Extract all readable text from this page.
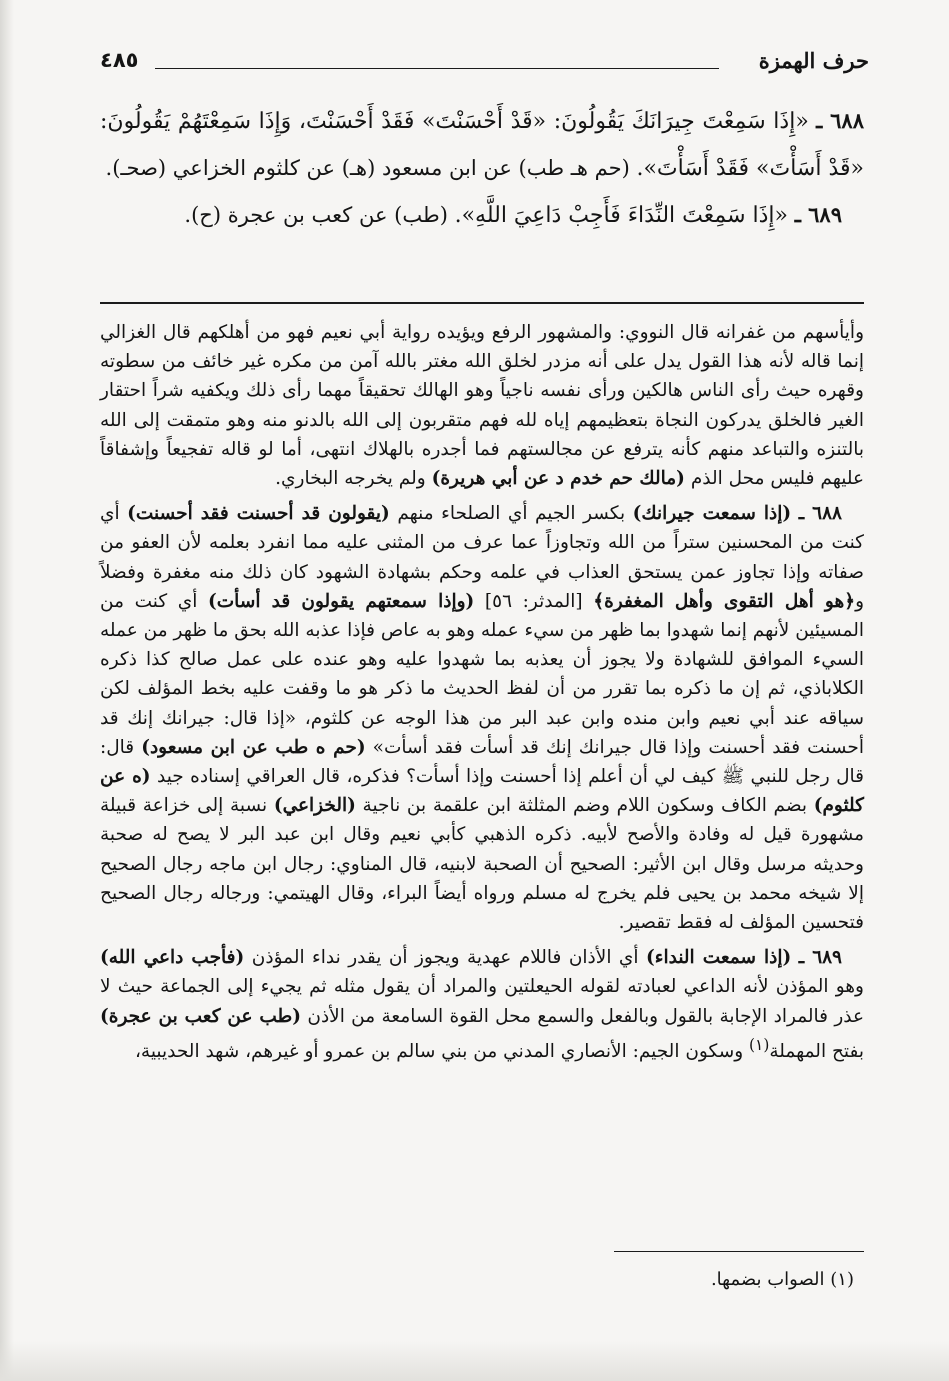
حرف الهمزة
٤٨٥

٦٨٨ ـ «إِذَا سَمِعْتَ جِيرَانَكَ يَقُولُونَ: «قَدْ أَحْسَنْتَ» فَقَدْ أَحْسَنْتَ، وَإِذَا سَمِعْتَهُمْ يَقُولُونَ: «قَدْ أَسَأْتَ» فَقَدْ أَسَأْتَ». (حم هـ طب) عن ابن مسعود (هـ) عن كلثوم الخزاعي (صحـ).

٦٨٩ ـ «إِذَا سَمِعْتَ النِّدَاءَ فَأَجِبْ دَاعِيَ اللَّهِ». (طب) عن كعب بن عجرة (ح).

وأيأسهم من غفرانه قال النووي: والمشهور الرفع ويؤيده رواية أبي نعيم فهو من أهلكهم قال الغزالي إنما قاله لأنه هذا القول يدل على أنه مزدر لخلق الله مغتر بالله آمن من مكره غير خائف من سطوته وقهره حيث رأى الناس هالكين ورأى نفسه ناجياً وهو الهالك تحقيقاً مهما رأى ذلك ويكفيه شراً احتقار الغير فالخلق يدركون النجاة بتعظيمهم إياه لله فهم متقربون إلى الله بالدنو منه وهو متمقت إلى الله بالتنزه والتباعد منهم كأنه يترفع عن مجالستهم فما أجدره بالهلاك انتهى، أما لو قاله تفجيعاً وإشفاقاً عليهم فليس محل الذم (مالك حم خدم د عن أبي هريرة) ولم يخرجه البخاري.

٦٨٨ ـ (إذا سمعت جيرانك) بكسر الجيم أي الصلحاء منهم (يقولون قد أحسنت فقد أحسنت) أي كنت من المحسنين ستراً من الله وتجاوزاً عما عرف من المثنى عليه مما انفرد بعلمه لأن العفو من صفاته وإذا تجاوز عمن يستحق العذاب في علمه وحكم بشهادة الشهود كان ذلك منه مغفرة وفضلاً و﴿هو أهل التقوى وأهل المغفرة﴾ [المدثر: ٥٦] (وإذا سمعتهم يقولون قد أسأت) أي كنت من المسيئين لأنهم إنما شهدوا بما ظهر من سيء عمله وهو به عاص فإذا عذبه الله بحق ما ظهر من عمله السيء الموافق للشهادة ولا يجوز أن يعذبه بما شهدوا عليه وهو عنده على عمل صالح كذا ذكره الكلاباذي، ثم إن ما ذكره بما تقرر من أن لفظ الحديث ما ذكر هو ما وقفت عليه بخط المؤلف لكن سياقه عند أبي نعيم وابن منده وابن عبد البر من هذا الوجه عن كلثوم، «إذا قال: جيرانك إنك قد أحسنت فقد أحسنت وإذا قال جيرانك إنك قد أسأت فقد أسأت» (حم ه طب عن ابن مسعود) قال: قال رجل للنبي ﷺ كيف لي أن أعلم إذا أحسنت وإذا أسأت؟ فذكره، قال العراقي إسناده جيد (ه عن كلثوم) بضم الكاف وسكون اللام وضم المثلثة ابن علقمة بن ناجية (الخزاعي) نسبة إلى خزاعة قبيلة مشهورة قيل له وفادة والأصح لأبيه. ذكره الذهبي كأبي نعيم وقال ابن عبد البر لا يصح له صحبة وحديثه مرسل وقال ابن الأثير: الصحيح أن الصحبة لابنيه، قال المناوي: رجال ابن ماجه رجال الصحيح إلا شيخه محمد بن يحيى فلم يخرج له مسلم ورواه أيضاً البراء، وقال الهيتمي: ورجاله رجال الصحيح فتحسين المؤلف له فقط تقصير.

٦٨٩ ـ (إذا سمعت النداء) أي الأذان فاللام عهدية ويجوز أن يقدر نداء المؤذن (فأجب داعي الله) وهو المؤذن لأنه الداعي لعبادته لقوله الحيعلتين والمراد أن يقول مثله ثم يجيء إلى الجماعة حيث لا عذر فالمراد الإجابة بالقول وبالفعل والسمع محل القوة السامعة من الأذن (طب عن كعب بن عجرة) بفتح المهملة$^{(١)}$ وسكون الجيم: الأنصاري المدني من بني سالم بن عمرو أو غيرهم، شهد الحديبية،

(١) الصواب بضمها.
